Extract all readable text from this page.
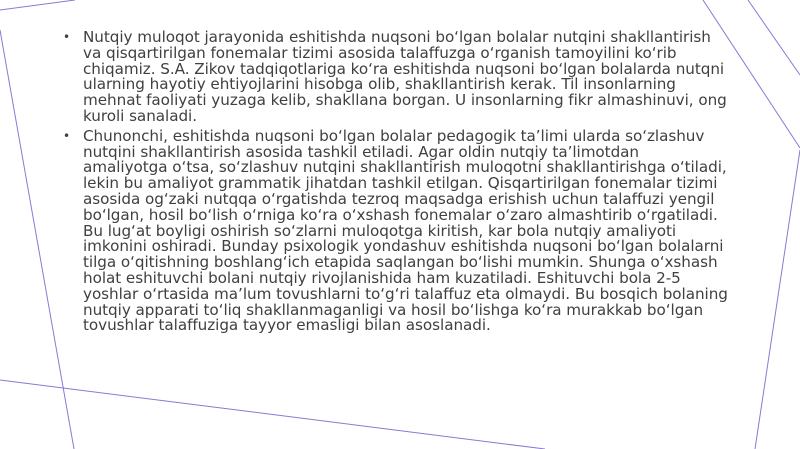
• Nutqiy muloqot jarayonida eshitishda nuqsoni bo‘lgan bolalar nutqini shakllantirish va qisqartirilgan fonemalar tizimi asosida talaffuzga o‘rganish tamoyilini ko‘rib chiqamiz. S.A. Zikov tadqiqotlariga ko‘ra eshitishda nuqsoni bo‘lgan bolalarda nutqni ularning hayotiy ehtiyojlarini hisobga olib, shakllantirish kerak. Til insonlarning mehnat faoliyati yuzaga kelib, shakllana borgan. U insonlarning fikr almashinuvi, ong kuroli sanaladi.
• Chunonchi, eshitishda nuqsoni bo‘lgan bolalar pedagogik ta’limi ularda so‘zlashuv nutqini shakllantirish asosida tashkil etiladi. Agar oldin nutqiy ta’limotdan amaliyotga o‘tsa, so‘zlashuv nutqini shakllantirish muloqotni shakllantirishga o‘tiladi, lekin bu amaliyot grammatik jihatdan tashkil etilgan. Qisqartirilgan fonemalar tizimi asosida og‘zaki nutqqa o‘rgatishda tezroq maqsadga erishish uchun talaffuzi yengil bo‘lgan, hosil bo‘lish o‘rniga ko‘ra o‘xshash fonemalar o‘zaro almashtirib o‘rgatiladi. Bu lug‘at boyligi oshirish so‘zlarni muloqotga kiritish, kar bola nutqiy amaliyoti imkonini oshiradi. Bunday psixologik yondashuv eshitishda nuqsoni bo‘lgan bolalarni tilga o‘qitishning boshlang‘ich etapida saqlangan bo‘lishi mumkin. Shunga o‘xshash holat eshituvchi bolani nutqiy rivojlanishida ham kuzatiladi. Eshituvchi bola 2-5 yoshlar o‘rtasida ma’lum tovushlarni to‘g‘ri talaffuz eta olmaydi. Bu bosqich bolaning nutqiy apparati to‘liq shakllanmaganligi va hosil bo‘lishga ko‘ra murakkab bo‘lgan tovushlar talaffuziga tayyor emasligi bilan asoslanadi.
